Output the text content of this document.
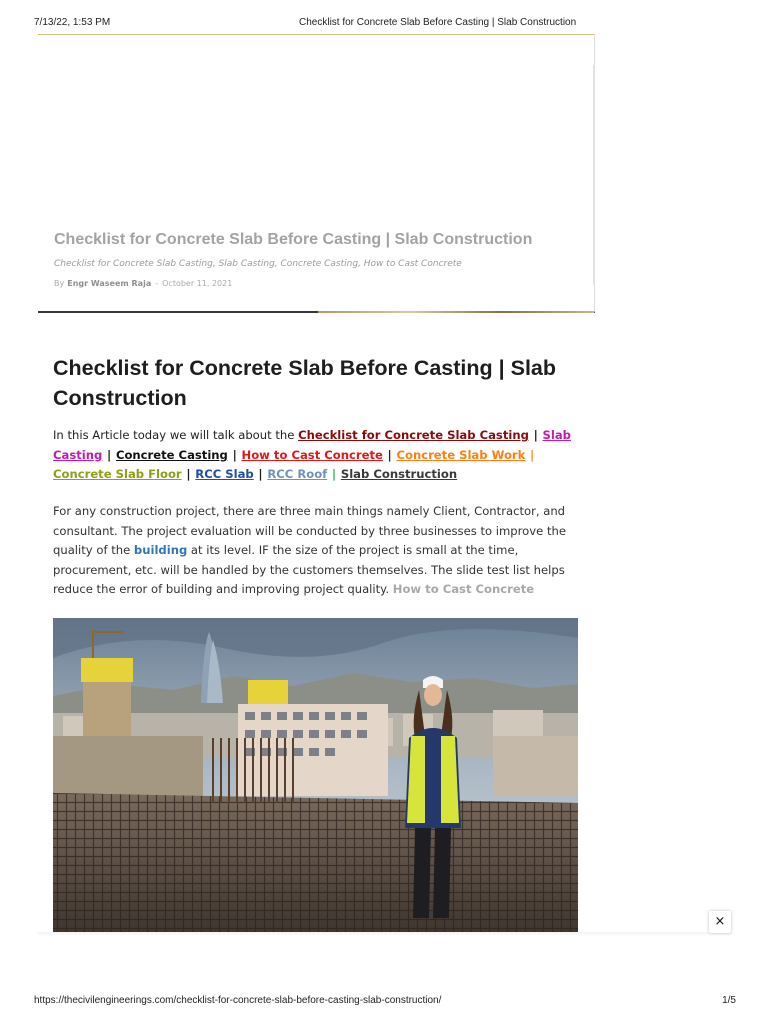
7/13/22, 1:53 PM	Checklist for Concrete Slab Before Casting | Slab Construction
Checklist for Concrete Slab Before Casting | Slab Construction
Checklist for Concrete Slab Casting, Slab Casting, Concrete Casting, How to Cast Concrete
By Engr Waseem Raja - October 11, 2021
Checklist for Concrete Slab Before Casting | Slab Construction

In this Article today we will talk about the Checklist for Concrete Slab Casting | Slab Casting | Concrete Casting | How to Cast Concrete | Concrete Slab Work | Concrete Slab Floor | RCC Slab | RCC Roof | Slab Construction

For any construction project, there are three main things namely Client, Contractor, and consultant. The project evaluation will be conducted by three businesses to improve the quality of the building at its level. IF the size of the project is small at the time, procurement, etc. will be handled by the customers themselves. The slide test list helps reduce the error of building and improving project quality. How to Cast Concrete

×
https://thecivilengineerings.com/checklist-for-concrete-slab-before-casting-slab-construction/	1/5
